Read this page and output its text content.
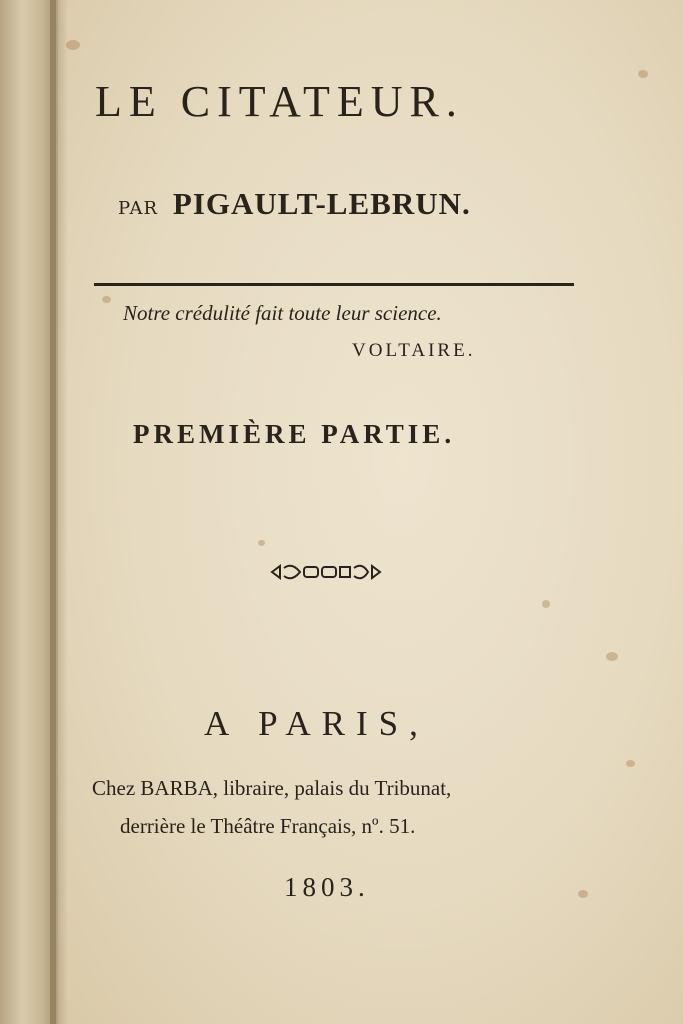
LE CITATEUR.
PAR PIGAULT-LEBRUN.
Notre crédulité fait toute leur science.
VOLTAIRE.
PREMIÈRE PARTIE.
A PARIS,
Chez BARBA, libraire, palais du Tribunat,
derrière le Théâtre Français, nº. 51.
1803.
